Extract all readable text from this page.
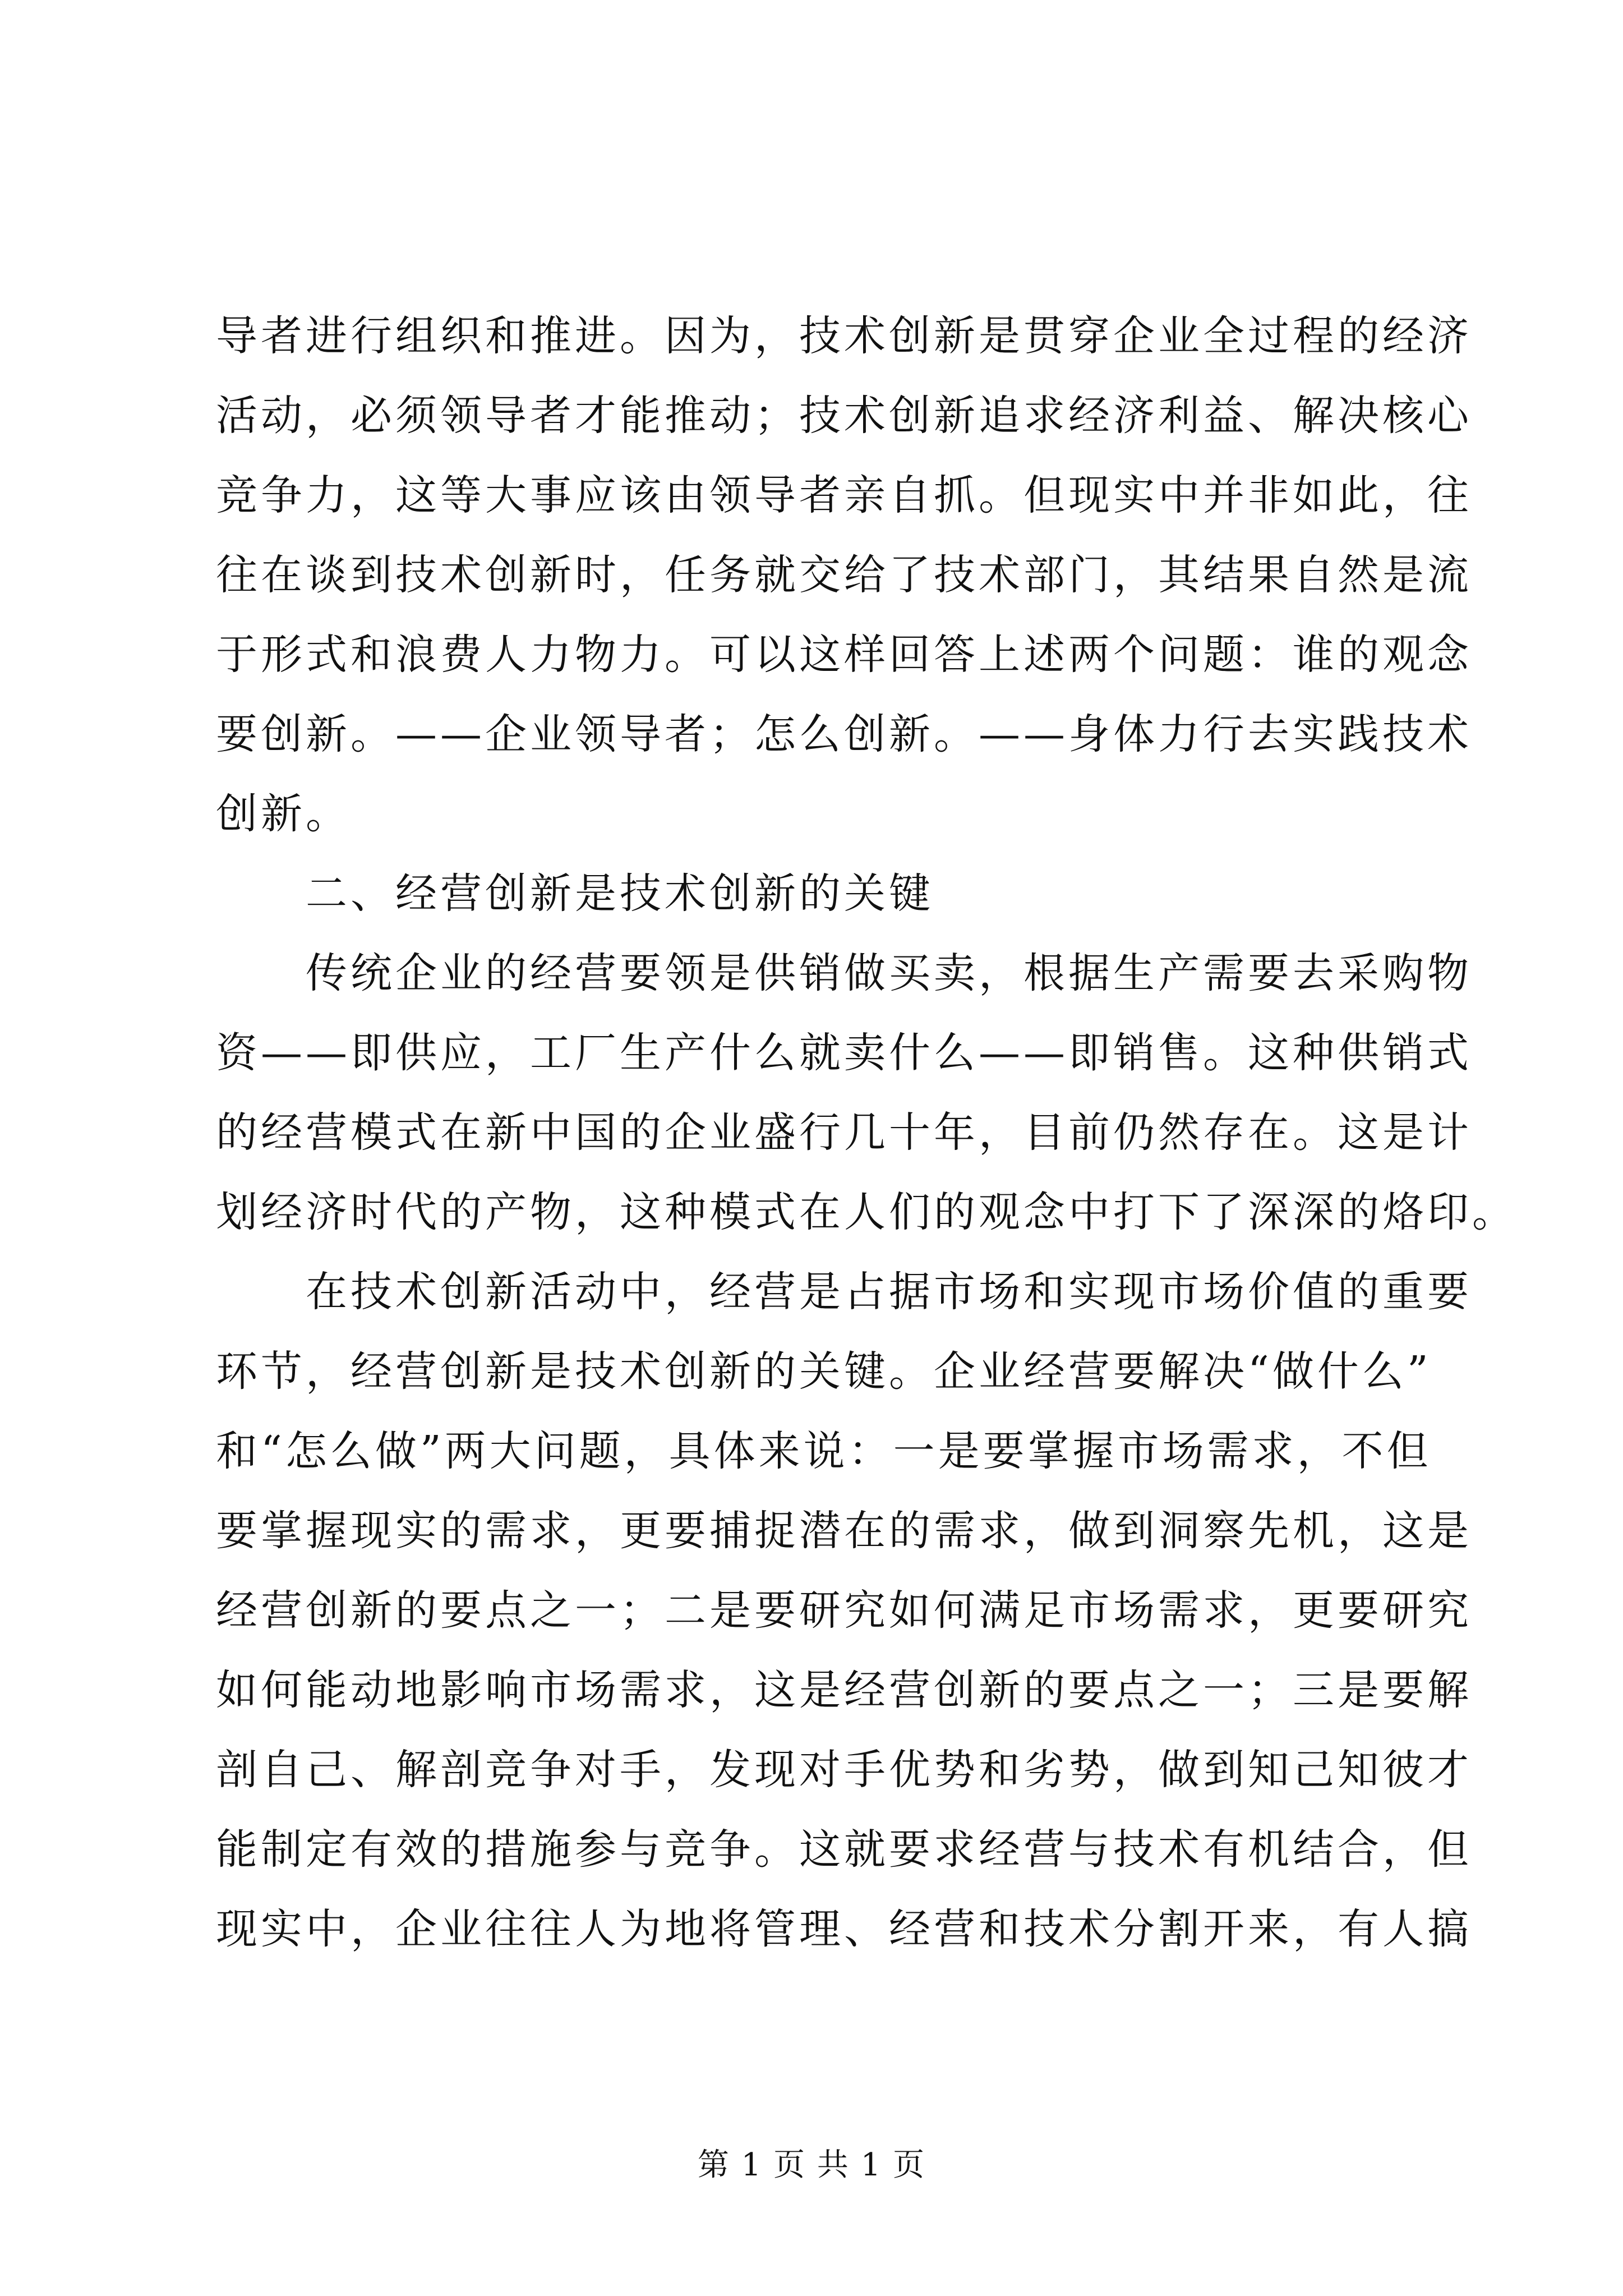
导者进行组织和推进。因为，技术创新是贯穿企业全过程的经济
活动，必须领导者才能推动；技术创新追求经济利益、解决核心
竞争力，这等大事应该由领导者亲自抓。但现实中并非如此，往
往在谈到技术创新时，任务就交给了技术部门，其结果自然是流
于形式和浪费人力物力。可以这样回答上述两个问题：谁的观念
要创新。——企业领导者；怎么创新。——身体力行去实践技术
创新。
二、经营创新是技术创新的关键
传统企业的经营要领是供销做买卖，根据生产需要去采购物
资——即供应，工厂生产什么就卖什么——即销售。这种供销式
的经营模式在新中国的企业盛行几十年，目前仍然存在。这是计
划经济时代的产物，这种模式在人们的观念中打下了深深的烙印。
在技术创新活动中，经营是占据市场和实现市场价值的重要
环节，经营创新是技术创新的关键。企业经营要解决“做什么”
和“怎么做”两大问题，具体来说：一是要掌握市场需求，不但
要掌握现实的需求，更要捕捉潜在的需求，做到洞察先机，这是
经营创新的要点之一；二是要研究如何满足市场需求，更要研究
如何能动地影响市场需求，这是经营创新的要点之一；三是要解
剖自己、解剖竞争对手，发现对手优势和劣势，做到知己知彼才
能制定有效的措施参与竞争。这就要求经营与技术有机结合，但
现实中，企业往往人为地将管理、经营和技术分割开来，有人搞
第 1 页 共 1 页
